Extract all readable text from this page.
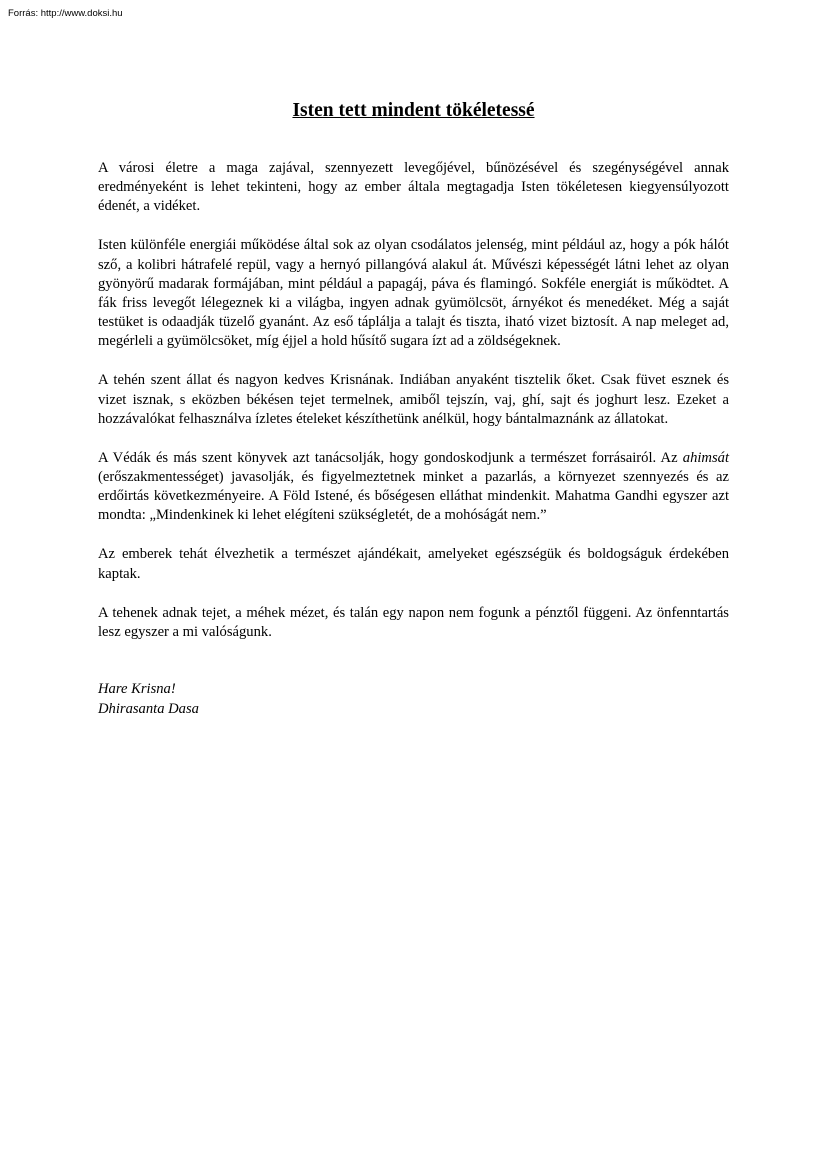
Forrás: http://www.doksi.hu
Isten tett mindent tökéletessé

A városi életre a maga zajával, szennyezett levegőjével, bűnözésével és szegénységével annak eredményeként is lehet tekinteni, hogy az ember általa megtagadja Isten tökéletesen kiegyensúlyozott édenét, a vidéket.

Isten különféle energiái működése által sok az olyan csodálatos jelenség, mint például az, hogy a pók hálót sző, a kolibri hátrafelé repül, vagy a hernyó pillangóvá alakul át. Művészi képességét látni lehet az olyan gyönyörű madarak formájában, mint például a papagáj, páva és flamingó. Sokféle energiát is működtet. A fák friss levegőt lélegeznek ki a világba, ingyen adnak gyümölcsöt, árnyékot és menedéket. Még a saját testüket is odaadják tüzelő gyanánt. Az eső táplálja a talajt és tiszta, iható vizet biztosít. A nap meleget ad, megérleli a gyümölcsöket, míg éjjel a hold hűsítő sugara ízt ad a zöldségeknek.

A tehén szent állat és nagyon kedves Krisnának. Indiában anyaként tisztelik őket. Csak füvet esznek és vizet isznak, s eközben békésen tejet termelnek, amiből tejszín, vaj, ghí, sajt és joghurt lesz. Ezeket a hozzávalókat felhasználva ízletes ételeket készíthetünk anélkül, hogy bántalmaznánk az állatokat.

A Védák és más szent könyvek azt tanácsolják, hogy gondoskodjunk a természet forrásairól. Az ahimsát (erőszakmentességet) javasolják, és figyelmeztetnek minket a pazarlás, a környezet szennyezés és az erdőirtás következményeire. A Föld Istené, és bőségesen elláthat mindenkit. Mahatma Gandhi egyszer azt mondta: „Mindenkinek ki lehet elégíteni szükségletét, de a mohóságát nem.”

Az emberek tehát élvezhetik a természet ajándékait, amelyeket egészségük és boldogságuk érdekében kaptak.

A tehenek adnak tejet, a méhek mézet, és talán egy napon nem fogunk a pénztől függeni. Az önfenntartás lesz egyszer a mi valóságunk.

Hare Krisna!
Dhirasanta Dasa
